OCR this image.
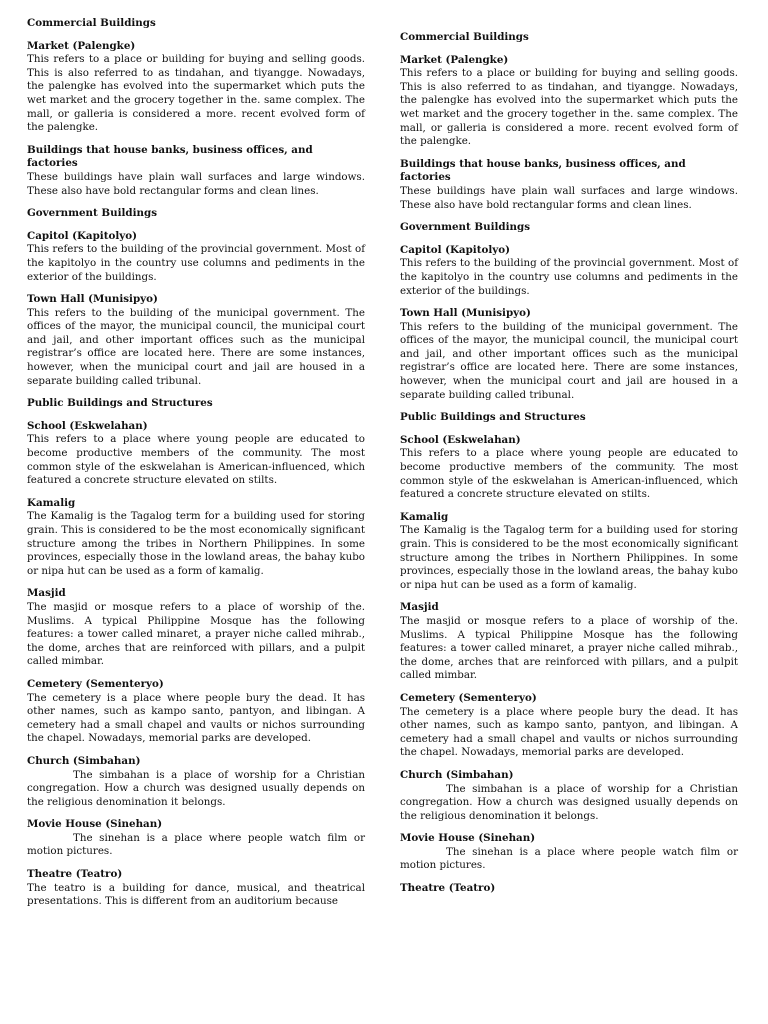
Commercial Buildings
Market (Palengke)
This refers to a place or building for buying and selling goods. This is also referred to as tindahan, and tiyangge. Nowadays, the palengke has evolved into the supermarket which puts the wet market and the grocery together in the. same complex. The mall, or galleria is considered a more. recent evolved form of the palengke.
Buildings that house banks, business offices, and factories
These buildings have plain wall surfaces and large windows. These also have bold rectangular forms and clean lines.
Government Buildings
Capitol (Kapitolyo)
This refers to the building of the provincial government. Most of the kapitolyo in the country use columns and pediments in the exterior of the buildings.
Town Hall (Munisipyo)
This refers to the building of the municipal government. The offices of the mayor, the municipal council, the municipal court and jail, and other important offices such as the municipal registrar’s office are located here. There are some instances, however, when the municipal court and jail are housed in a separate building called tribunal.
Public Buildings and Structures
School (Eskwelahan)
This refers to a place where young people are educated to become productive members of the community. The most common style of the eskwelahan is American-influenced, which featured a concrete structure elevated on stilts.
Kamalig
The Kamalig is the Tagalog term for a building used for storing grain. This is considered to be the most economically significant structure among the tribes in Northern Philippines. In some provinces, especially those in the lowland areas, the bahay kubo or nipa hut can be used as a form of kamalig.
Masjid
The masjid or mosque refers to a place of worship of the. Muslims. A typical Philippine Mosque has the following features: a tower called minaret, a prayer niche called mihrab., the dome, arches that are reinforced with pillars, and a pulpit called mimbar.
Cemetery (Sementeryo)
The cemetery is a place where people bury the dead. It has other names, such as kampo santo, pantyon, and libingan. A cemetery had a small chapel and vaults or nichos surrounding the chapel. Nowadays, memorial parks are developed.
Church (Simbahan)
The simbahan is a place of worship for a Christian congregation. How a church was designed usually depends on the religious denomination it belongs.
Movie House (Sinehan)
The sinehan is a place where people watch film or motion pictures.
Theatre (Teatro)
The teatro is a building for dance, musical, and theatrical presentations. This is different from an auditorium because
Commercial Buildings
Market (Palengke)
This refers to a place or building for buying and selling goods. This is also referred to as tindahan, and tiyangge. Nowadays, the palengke has evolved into the supermarket which puts the wet market and the grocery together in the. same complex. The mall, or galleria is considered a more. recent evolved form of the palengke.
Buildings that house banks, business offices, and factories
These buildings have plain wall surfaces and large windows. These also have bold rectangular forms and clean lines.
Government Buildings
Capitol (Kapitolyo)
This refers to the building of the provincial government. Most of the kapitolyo in the country use columns and pediments in the exterior of the buildings.
Town Hall (Munisipyo)
This refers to the building of the municipal government. The offices of the mayor, the municipal council, the municipal court and jail, and other important offices such as the municipal registrar’s office are located here. There are some instances, however, when the municipal court and jail are housed in a separate building called tribunal.
Public Buildings and Structures
School (Eskwelahan)
This refers to a place where young people are educated to become productive members of the community. The most common style of the eskwelahan is American-influenced, which featured a concrete structure elevated on stilts.
Kamalig
The Kamalig is the Tagalog term for a building used for storing grain. This is considered to be the most economically significant structure among the tribes in Northern Philippines. In some provinces, especially those in the lowland areas, the bahay kubo or nipa hut can be used as a form of kamalig.
Masjid
The masjid or mosque refers to a place of worship of the. Muslims. A typical Philippine Mosque has the following features: a tower called minaret, a prayer niche called mihrab., the dome, arches that are reinforced with pillars, and a pulpit called mimbar.
Cemetery (Sementeryo)
The cemetery is a place where people bury the dead. It has other names, such as kampo santo, pantyon, and libingan. A cemetery had a small chapel and vaults or nichos surrounding the chapel. Nowadays, memorial parks are developed.
Church (Simbahan)
The simbahan is a place of worship for a Christian congregation. How a church was designed usually depends on the religious denomination it belongs.
Movie House (Sinehan)
The sinehan is a place where people watch film or motion pictures.
Theatre (Teatro)
